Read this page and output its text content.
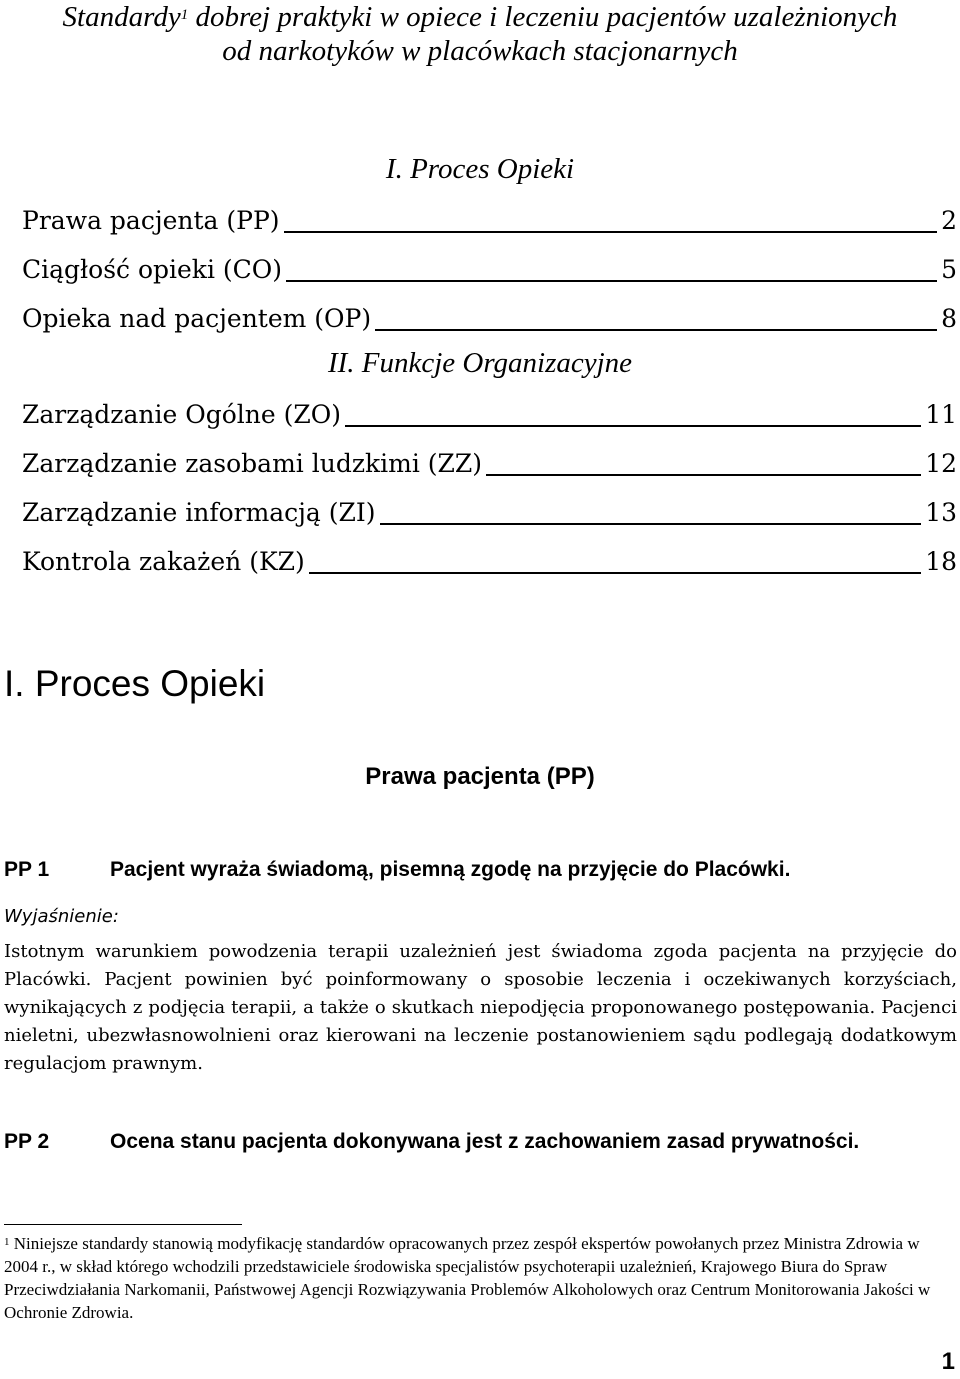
Standardy$^1$ dobrej praktyki w opiece i leczeniu pacjentów uzależnionych
od narkotyków w placówkach stacjonarnych
I. Proces Opieki
Prawa pacjenta (PP)	2
Ciągłość opieki (CO)	5
Opieka nad pacjentem (OP)	8
II. Funkcje Organizacyjne
Zarządzanie Ogólne (ZO)	11
Zarządzanie zasobami ludzkimi (ZZ)	12
Zarządzanie informacją (ZI)	13
Kontrola zakażeń (KZ)	18
I. Proces Opieki
Prawa pacjenta (PP)
PP 1	Pacjent wyraża świadomą, pisemną zgodę na przyjęcie do Placówki.
Wyjaśnienie:
Istotnym warunkiem powodzenia terapii uzależnień jest świadoma zgoda pacjenta na przyjęcie do Placówki. Pacjent powinien być poinformowany o sposobie leczenia i oczekiwanych korzyściach, wynikających z podjęcia terapii, a także o skutkach niepodjęcia proponowanego postępowania. Pacjenci nieletni, ubezwłasnowolnieni oraz kierowani na leczenie postanowieniem sądu podlegają dodatkowym regulacjom prawnym.
PP 2	Ocena stanu pacjenta dokonywana jest z zachowaniem zasad prywatności.
$^1$ Niniejsze standardy stanowią modyfikację standardów opracowanych przez zespół ekspertów powołanych przez Ministra Zdrowia w 2004 r., w skład którego wchodzili przedstawiciele środowiska specjalistów psychoterapii uzależnień, Krajowego Biura do Spraw Przeciwdziałania Narkomanii, Państwowej Agencji Rozwiązywania Problemów Alkoholowych oraz Centrum Monitorowania Jakości w Ochronie Zdrowia.
1
